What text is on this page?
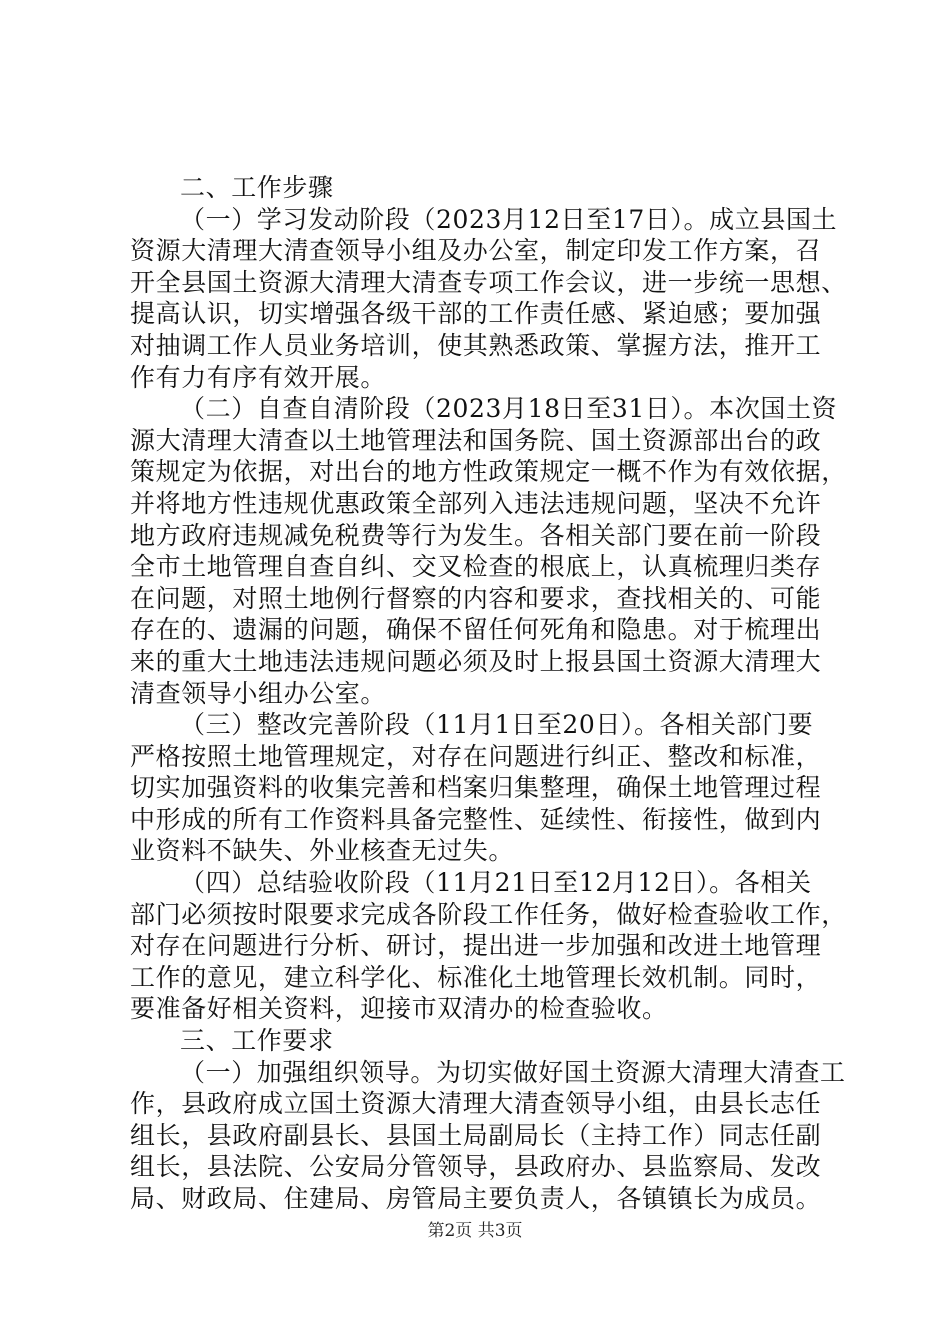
二、工作步骤
（一）学习发动阶段（2023月12日至17日）。成立县国土
资源大清理大清查领导小组及办公室，制定印发工作方案，召
开全县国土资源大清理大清查专项工作会议，进一步统一思想、
提高认识，切实增强各级干部的工作责任感、紧迫感；要加强
对抽调工作人员业务培训，使其熟悉政策、掌握方法，推开工
作有力有序有效开展。
（二）自查自清阶段（2023月18日至31日）。本次国土资
源大清理大清查以土地管理法和国务院、国土资源部出台的政
策规定为依据，对出台的地方性政策规定一概不作为有效依据，
并将地方性违规优惠政策全部列入违法违规问题，坚决不允许
地方政府违规减免税费等行为发生。各相关部门要在前一阶段
全市土地管理自查自纠、交叉检查的根底上，认真梳理归类存
在问题，对照土地例行督察的内容和要求，查找相关的、可能
存在的、遗漏的问题，确保不留任何死角和隐患。对于梳理出
来的重大土地违法违规问题必须及时上报县国土资源大清理大
清查领导小组办公室。
（三）整改完善阶段（11月1日至20日）。各相关部门要
严格按照土地管理规定，对存在问题进行纠正、整改和标准，
切实加强资料的收集完善和档案归集整理，确保土地管理过程
中形成的所有工作资料具备完整性、延续性、衔接性，做到内
业资料不缺失、外业核查无过失。
（四）总结验收阶段（11月21日至12月12日）。各相关
部门必须按时限要求完成各阶段工作任务，做好检查验收工作，
对存在问题进行分析、研讨，提出进一步加强和改进土地管理
工作的意见，建立科学化、标准化土地管理长效机制。同时，
要准备好相关资料，迎接市双清办的检查验收。
三、工作要求
（一）加强组织领导。为切实做好国土资源大清理大清查工
作，县政府成立国土资源大清理大清查领导小组，由县长志任
组长，县政府副县长、县国土局副局长（主持工作）同志任副
组长，县法院、公安局分管领导，县政府办、县监察局、发改
局、财政局、住建局、房管局主要负责人，各镇镇长为成员。
第2页 共3页
